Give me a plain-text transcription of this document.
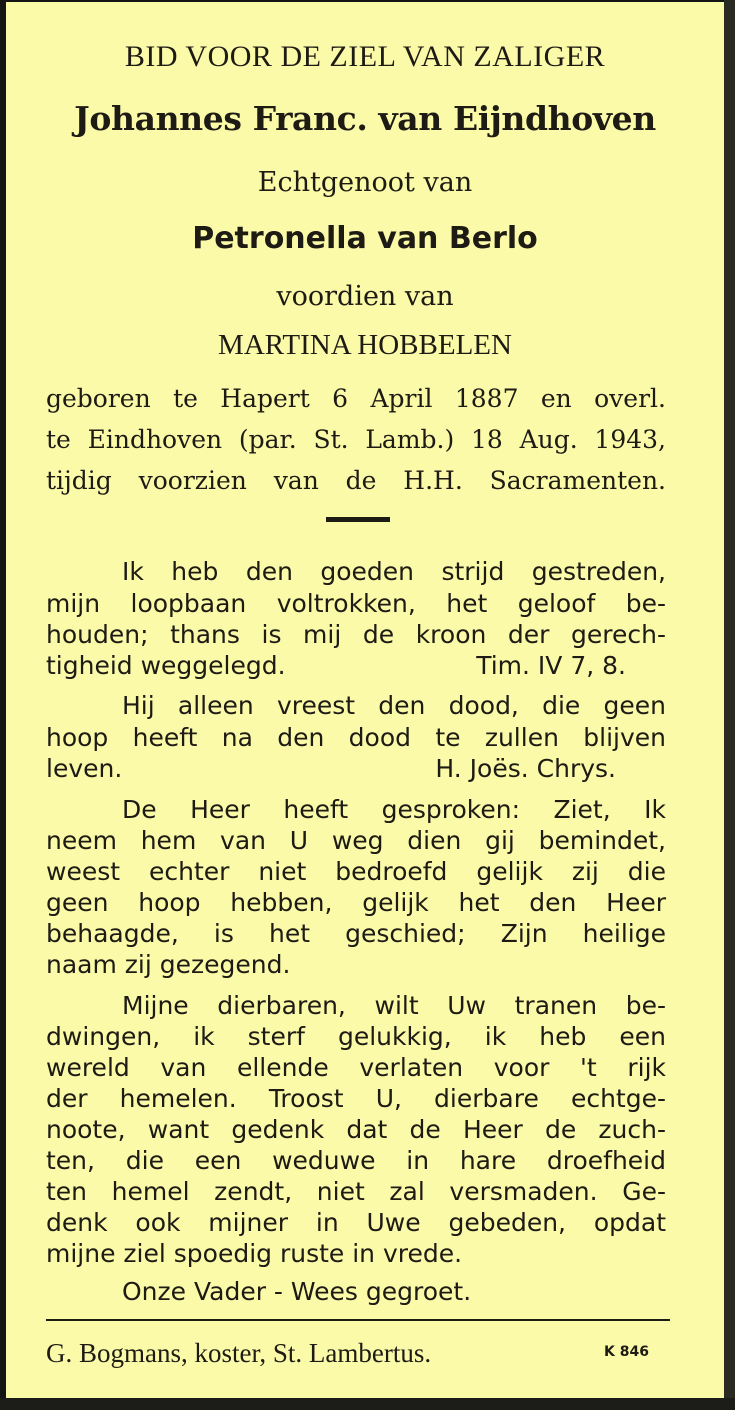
BID VOOR DE ZIEL VAN ZALIGER
Johannes Franc. van Eijndhoven
Echtgenoot van
Petronella van Berlo
voordien van
MARTINA HOBBELEN
geboren te Hapert 6 April 1887 en overl.
te Eindhoven (par. St. Lamb.) 18 Aug. 1943,
tijdig voorzien van de H.H. Sacramenten.
Ik heb den goeden strijd gestreden,
mijn loopbaan voltrokken, het geloof be-
houden; thans is mij de kroon der gerech-
tigheid weggelegd.	Tim. IV 7, 8.
Hij alleen vreest den dood, die geen
hoop heeft na den dood te zullen blijven
leven.	H. Joës. Chrys.
De Heer heeft gesproken: Ziet, Ik
neem hem van U weg dien gij bemindet,
weest echter niet bedroefd gelijk zij die
geen hoop hebben, gelijk het den Heer
behaagde, is het geschied; Zijn heilige
naam zij gezegend.
Mijne dierbaren, wilt Uw tranen be-
dwingen, ik sterf gelukkig, ik heb een
wereld van ellende verlaten voor 't rijk
der hemelen. Troost U, dierbare echtge-
noote, want gedenk dat de Heer de zuch-
ten, die een weduwe in hare droefheid
ten hemel zendt, niet zal versmaden. Ge-
denk ook mijner in Uwe gebeden, opdat
mijne ziel spoedig ruste in vrede.
Onze Vader - Wees gegroet.
G. Bogmans, koster, St. Lambertus.	K 846
